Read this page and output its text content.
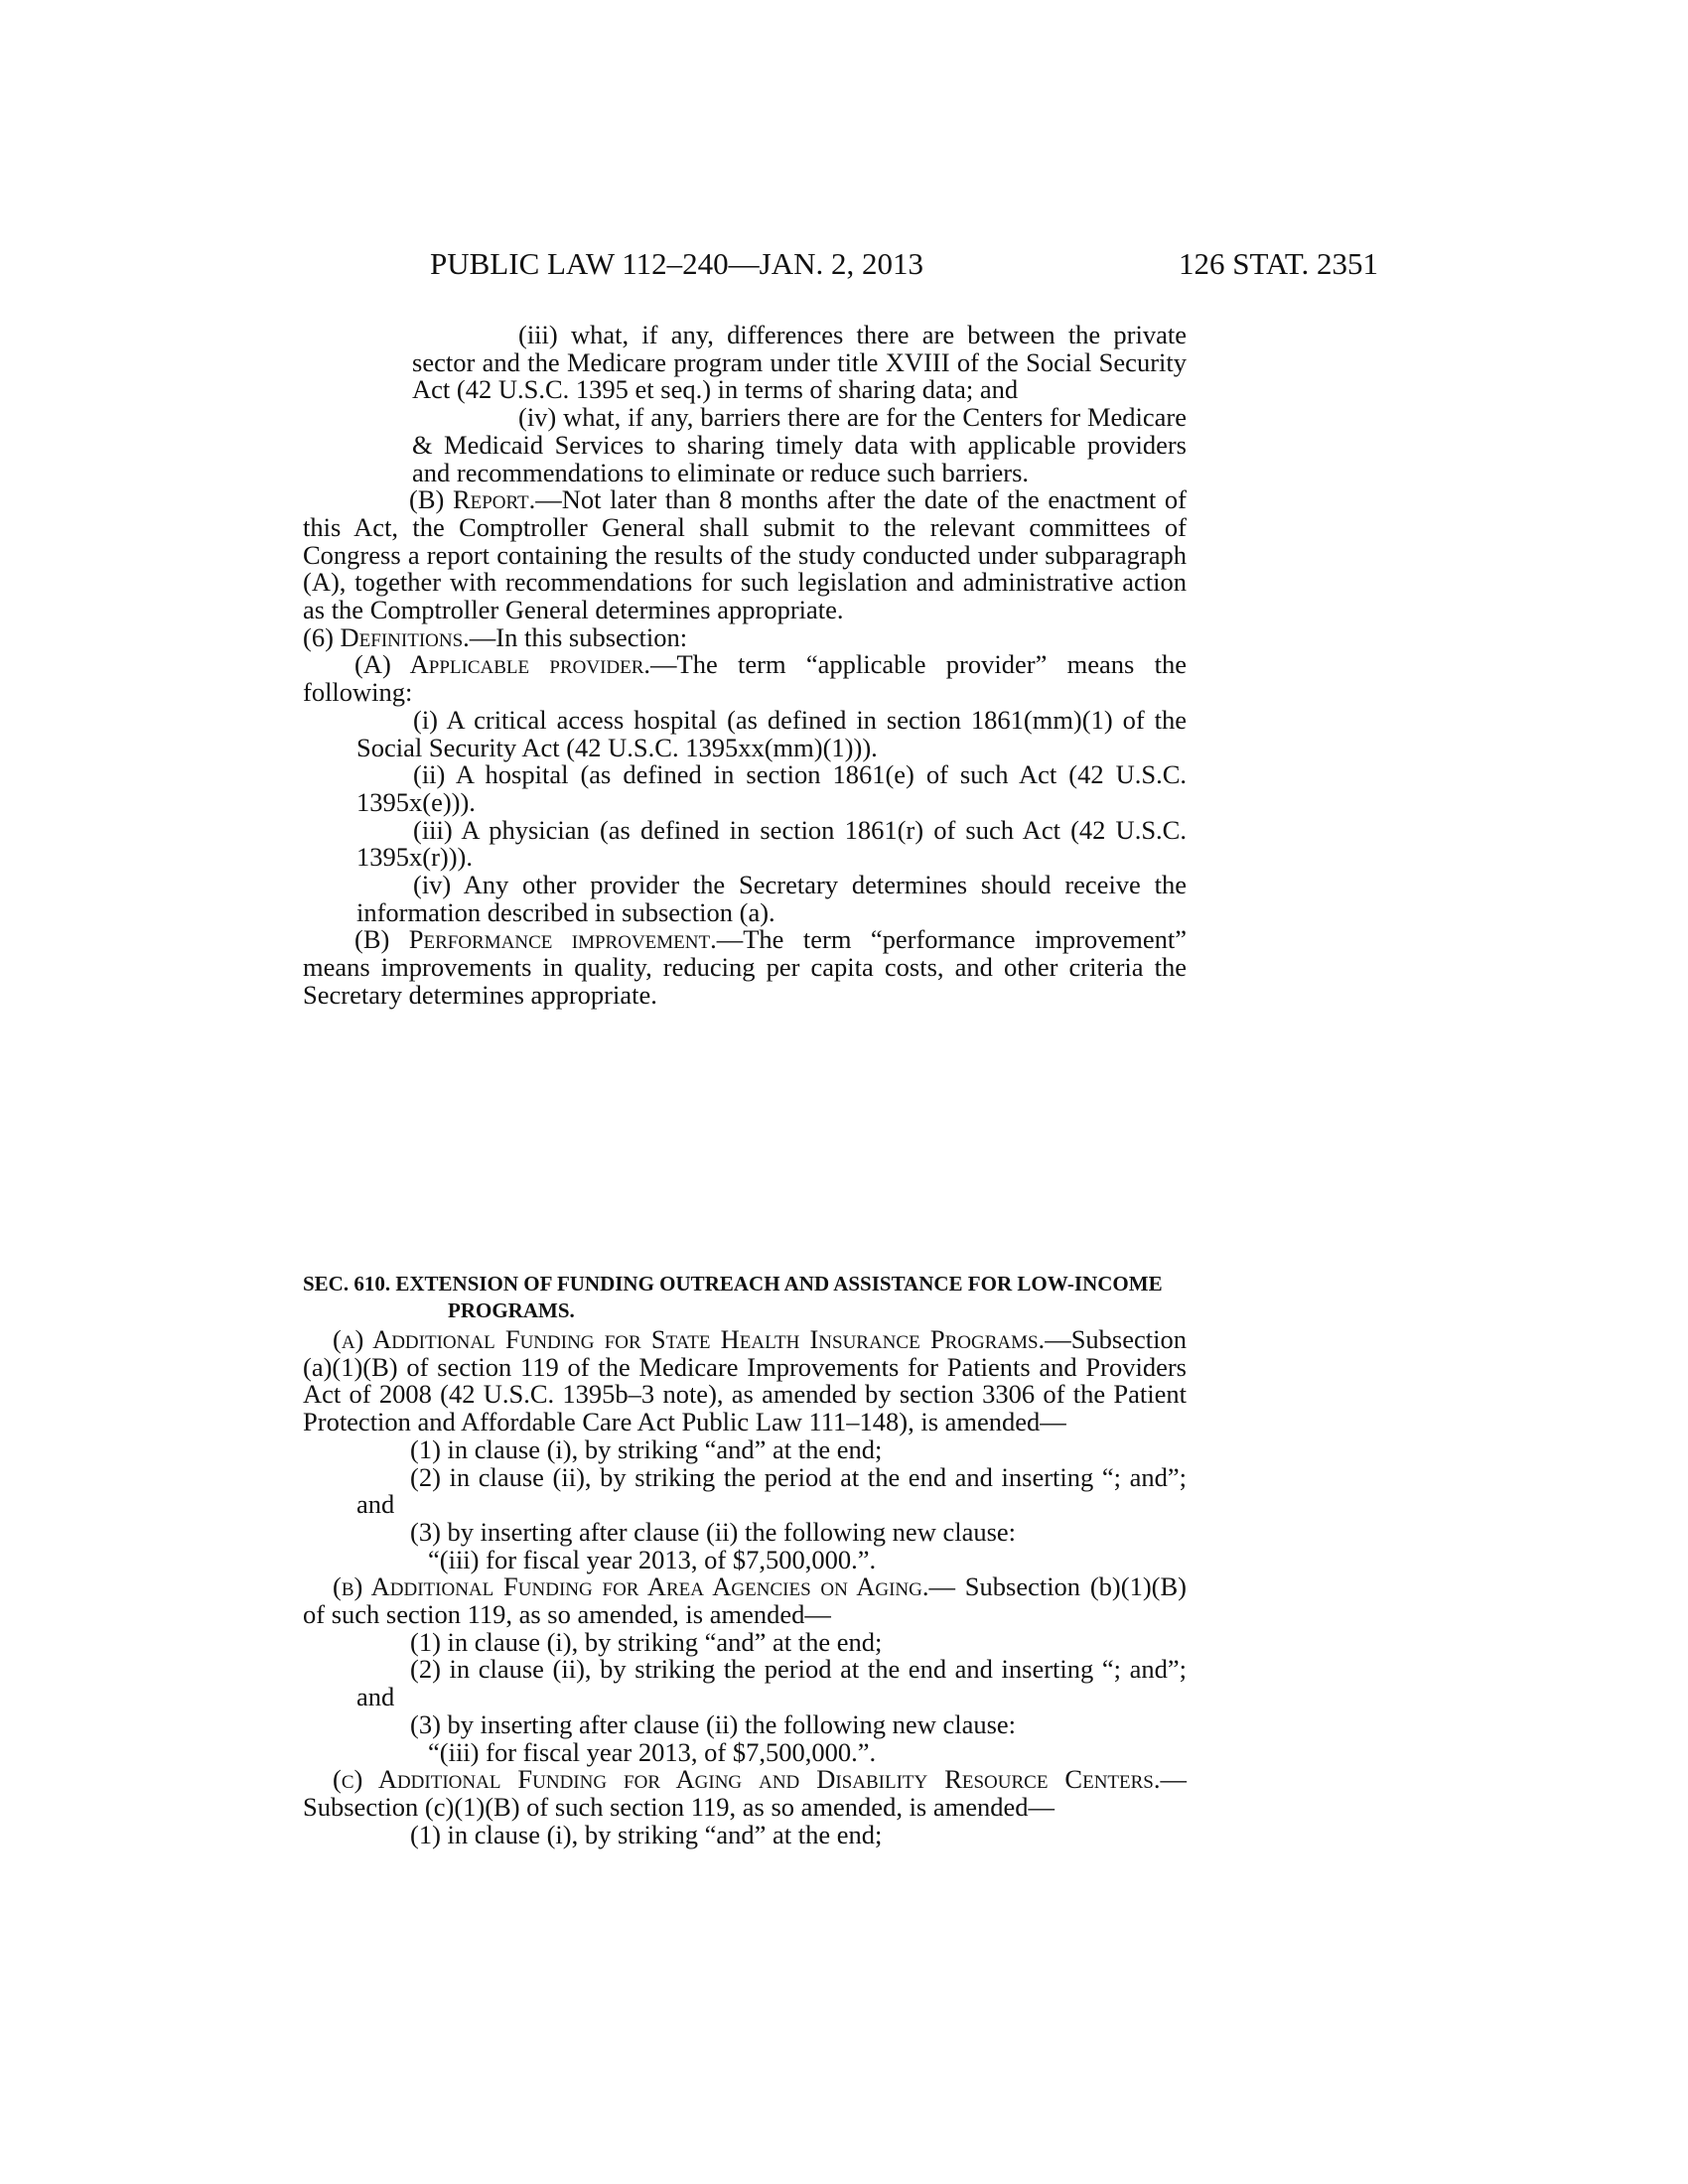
PUBLIC LAW 112–240—JAN. 2, 2013	126 STAT. 2351

(iii) what, if any, differences there are between the private sector and the Medicare program under title XVIII of the Social Security Act (42 U.S.C. 1395 et seq.) in terms of sharing data; and

(iv) what, if any, barriers there are for the Centers for Medicare & Medicaid Services to sharing timely data with applicable providers and recommendations to eliminate or reduce such barriers.

(B) Report.—Not later than 8 months after the date of the enactment of this Act, the Comptroller General shall submit to the relevant committees of Congress a report containing the results of the study conducted under subparagraph (A), together with recommendations for such legislation and administrative action as the Comptroller General determines appropriate.

(6) Definitions.—In this subsection:

(A) Applicable provider.—The term “applicable provider” means the following:

(i) A critical access hospital (as defined in section 1861(mm)(1) of the Social Security Act (42 U.S.C. 1395xx(mm)(1))).

(ii) A hospital (as defined in section 1861(e) of such Act (42 U.S.C. 1395x(e))).

(iii) A physician (as defined in section 1861(r) of such Act (42 U.S.C. 1395x(r))).

(iv) Any other provider the Secretary determines should receive the information described in subsection (a).

(B) Performance improvement.—The term “performance improvement” means improvements in quality, reducing per capita costs, and other criteria the Secretary determines appropriate.

SEC. 610. EXTENSION OF FUNDING OUTREACH AND ASSISTANCE FOR LOW-INCOME PROGRAMS.

(a) Additional Funding for State Health Insurance Programs.—Subsection (a)(1)(B) of section 119 of the Medicare Improvements for Patients and Providers Act of 2008 (42 U.S.C. 1395b–3 note), as amended by section 3306 of the Patient Protection and Affordable Care Act Public Law 111–148), is amended—

(1) in clause (i), by striking “and” at the end;

(2) in clause (ii), by striking the period at the end and inserting “; and”; and

(3) by inserting after clause (ii) the following new clause:

“(iii) for fiscal year 2013, of $7,500,000.”.

(b) Additional Funding for Area Agencies on Aging.— Subsection (b)(1)(B) of such section 119, as so amended, is amended—

(1) in clause (i), by striking “and” at the end;

(2) in clause (ii), by striking the period at the end and inserting “; and”; and

(3) by inserting after clause (ii) the following new clause:

“(iii) for fiscal year 2013, of $7,500,000.”.

(c) Additional Funding for Aging and Disability Resource Centers.—Subsection (c)(1)(B) of such section 119, as so amended, is amended—

(1) in clause (i), by striking “and” at the end;
